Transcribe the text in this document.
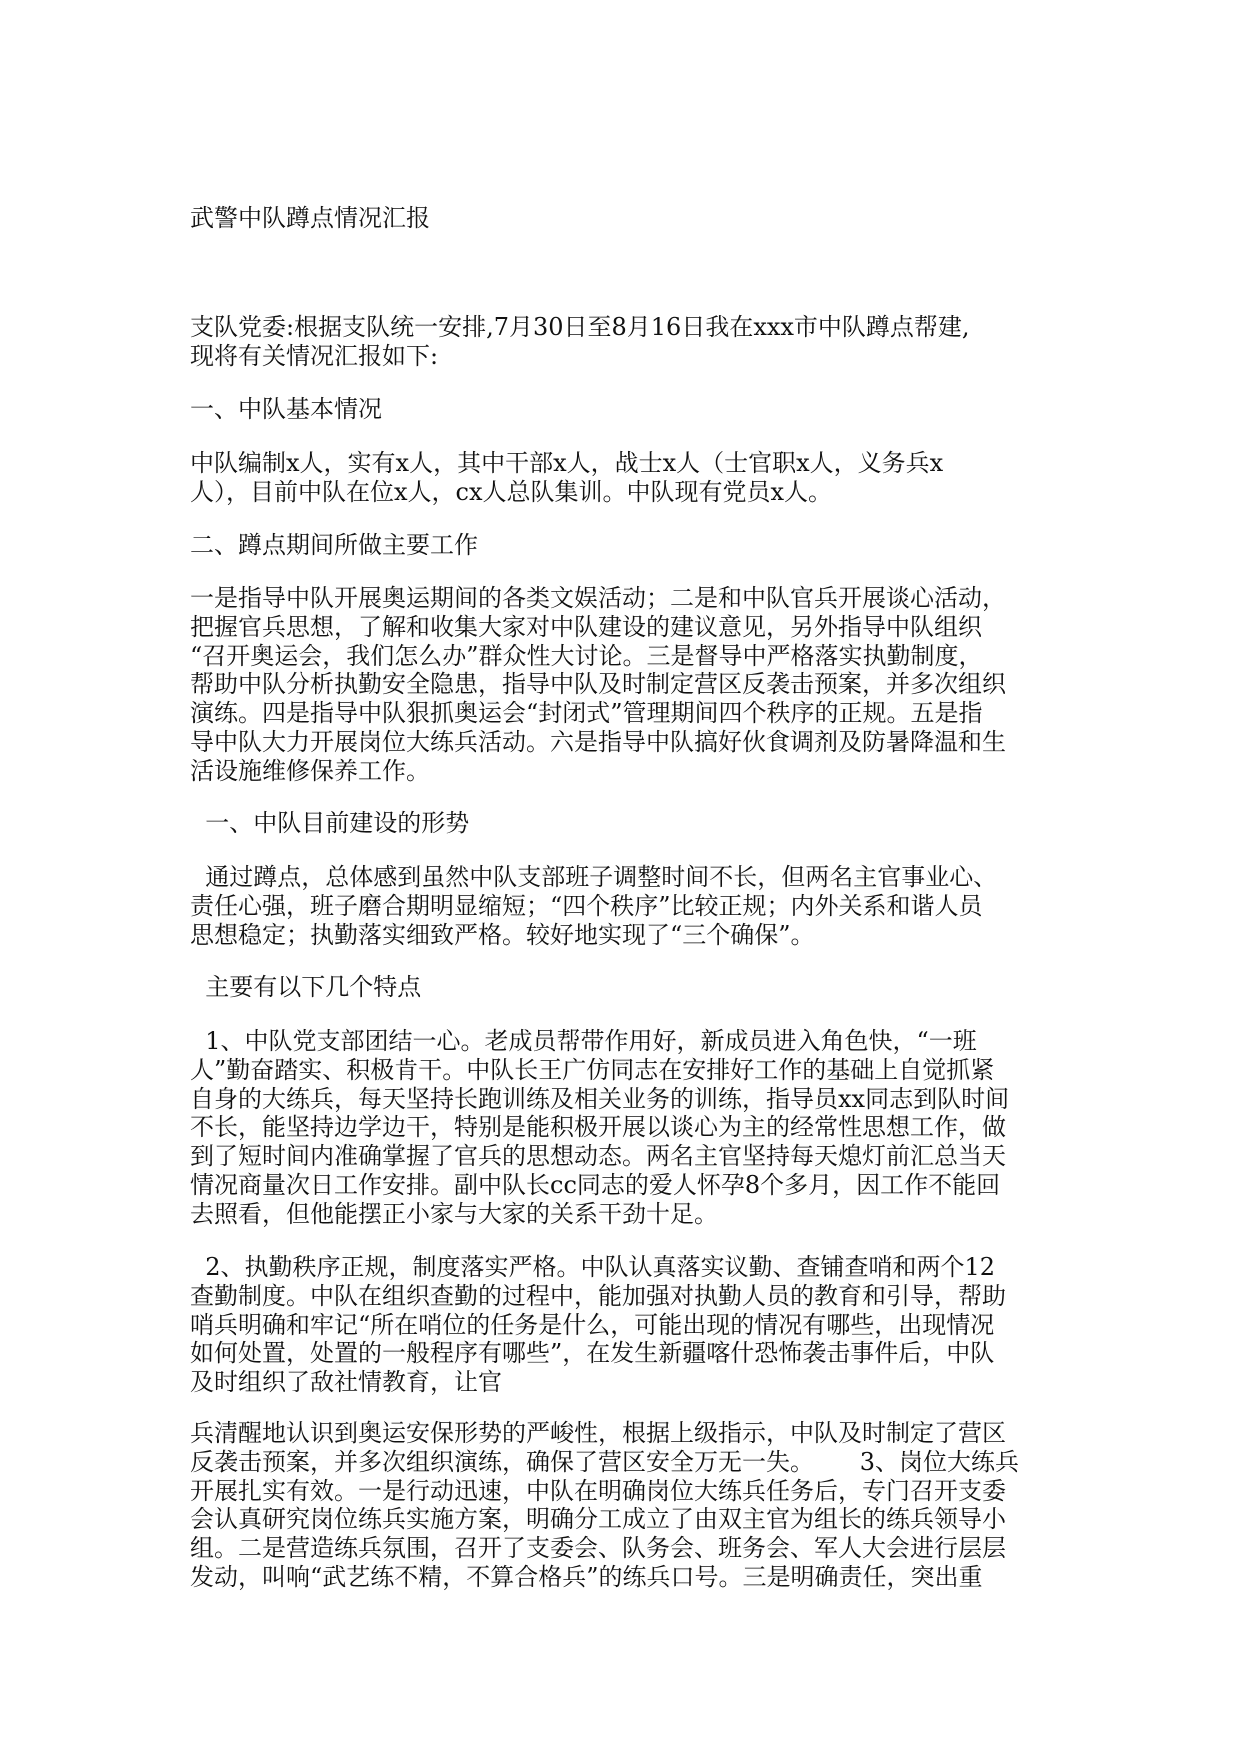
武警中队蹲点情况汇报
支队党委:根据支队统一安排,7月30日至8月16日我在xxx市中队蹲点帮建,
现将有关情况汇报如下:
一、中队基本情况
中队编制x人，实有x人，其中干部x人，战士x人（士官职x人，义务兵x
人），目前中队在位x人，cx人总队集训。中队现有党员x人。
二、蹲点期间所做主要工作
一是指导中队开展奥运期间的各类文娱活动；二是和中队官兵开展谈心活动，
把握官兵思想，了解和收集大家对中队建设的建议意见，另外指导中队组织
“召开奥运会，我们怎么办”群众性大讨论。三是督导中严格落实执勤制度，
帮助中队分析执勤安全隐患，指导中队及时制定营区反袭击预案，并多次组织
演练。四是指导中队狠抓奥运会“封闭式”管理期间四个秩序的正规。五是指
导中队大力开展岗位大练兵活动。六是指导中队搞好伙食调剂及防暑降温和生
活设施维修保养工作。
一、中队目前建设的形势
通过蹲点，总体感到虽然中队支部班子调整时间不长，但两名主官事业心、
责任心强，班子磨合期明显缩短；“四个秩序”比较正规；内外关系和谐人员
思想稳定；执勤落实细致严格。较好地实现了“三个确保”。
主要有以下几个特点
1、中队党支部团结一心。老成员帮带作用好，新成员进入角色快，“一班
人”勤奋踏实、积极肯干。中队长王广仿同志在安排好工作的基础上自觉抓紧
自身的大练兵，每天坚持长跑训练及相关业务的训练，指导员xx同志到队时间
不长，能坚持边学边干，特别是能积极开展以谈心为主的经常性思想工作，做
到了短时间内准确掌握了官兵的思想动态。两名主官坚持每天熄灯前汇总当天
情况商量次日工作安排。副中队长cc同志的爱人怀孕8个多月，因工作不能回
去照看，但他能摆正小家与大家的关系干劲十足。
2、执勤秩序正规，制度落实严格。中队认真落实议勤、查铺查哨和两个12
查勤制度。中队在组织查勤的过程中，能加强对执勤人员的教育和引导，帮助
哨兵明确和牢记“所在哨位的任务是什么，可能出现的情况有哪些，出现情况
如何处置，处置的一般程序有哪些”，在发生新疆喀什恐怖袭击事件后，中队
及时组织了敌社情教育，让官
兵清醒地认识到奥运安保形势的严峻性，根据上级指示，中队及时制定了营区
反袭击预案，并多次组织演练，确保了营区安全万无一失。      3、岗位大练兵
开展扎实有效。一是行动迅速，中队在明确岗位大练兵任务后，专门召开支委
会认真研究岗位练兵实施方案，明确分工成立了由双主官为组长的练兵领导小
组。二是营造练兵氛围，召开了支委会、队务会、班务会、军人大会进行层层
发动，叫响“武艺练不精，不算合格兵”的练兵口号。三是明确责任，突出重
